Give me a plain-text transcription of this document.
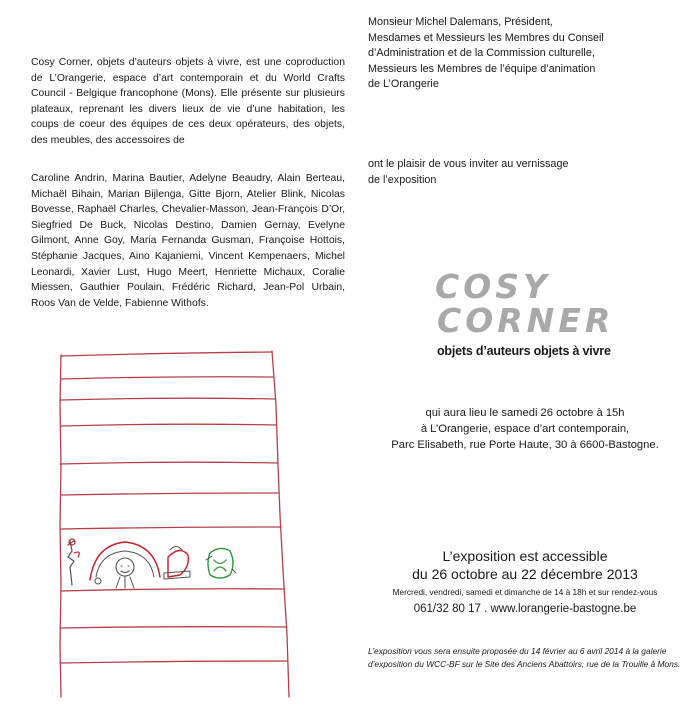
Cosy Corner, objets d’auteurs objets à vivre, est une coproduction de L’Orangerie, espace d’art contemporain et du World Crafts Council - Belgique francophone (Mons). Elle présente sur plusieurs plateaux, reprenant les divers lieux de vie d’une habitation, les coups de coeur des équipes de ces deux opérateurs, des objets, des meubles, des accessoires de

Caroline Andrin, Marina Bautier, Adelyne Beaudry, Alain Berteau, Michaël Bihain, Marian Bijlenga, Gitte Bjorn, Atelier Blink, Nicolas Bovesse, Raphaël Charles, Chevalier-Masson, Jean-François D’Or, Siegfried De Buck, Nicolas Destino, Damien Gernay, Evelyne Gilmont, Anne Goy, Maria Fernanda Gusman, Françoise Hottois, Stéphanie Jacques, Aino Kajaniemi, Vincent Kempenaers, Michel Leonardi, Xavier Lust, Hugo Meert, Henriette Michaux, Coralie Miessen, Gauthier Poulain, Frédéric Richard, Jean-Pol Urbain, Roos Van de Velde, Fabienne Withofs.

Monsieur Michel Dalemans, Président,
Mesdames et Messieurs les Membres du Conseil
d’Administration et de la Commission culturelle,
Messieurs les Membres de l’équipe d’animation
de L’Orangerie

ont le plaisir de vous inviter au vernissage
de l’exposition

COSY
CORNER
objets d’auteurs objets à vivre

qui aura lieu le samedi 26 octobre à 15h
à L’Orangerie, espace d’art contemporain,
Parc Elisabeth, rue Porte Haute, 30 à 6600-Bastogne.

L’exposition est accessible
du 26 octobre au 22 décembre 2013
Mercredi, vendredi, samedi et dimanche de 14 à 18h et sur rendez-vous
061/32 80 17 . www.lorangerie-bastogne.be

L’exposition vous sera ensuite proposée du 14 février au 6 avril 2014 à la galerie d’exposition du WCC-BF sur le Site des Anciens Abattoirs, rue de la Trouille à Mons.
